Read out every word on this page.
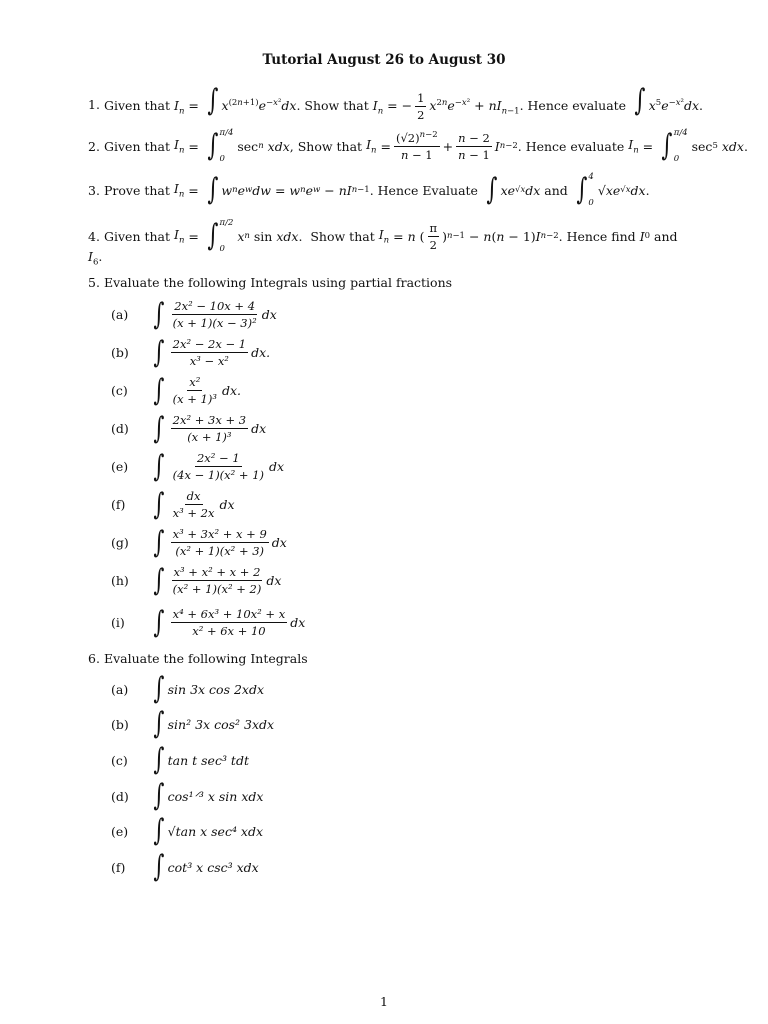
Tutorial August 26 to August 30
1. Given that $I_n$ = ∫ $x^{(2n+1)}e^{-x^2}dx$. Show that $I_n$ = − $\frac{1}{2} x^{2n}e^{-x^2} + nI_{n-1}$. Hence evaluate ∫ $x^5e^{-x^2}dx$.
2. Given that
$I_n$ = ∫ π/4
0
sec n
xdx , Show that
$I_n = \frac{(√2)^{n-2}}{n - 1} + \frac{n - 2}{n - 1}$ I n−2 . Hence evaluate
$I_n$ = ∫ π/4
0
sec 5
xdx .
3. Prove that
$I_n$ = ∫ w n e w dw = w n e w − nI n−1 . Hence Evaluate
∫ xe √x dx
and
∫ 4
0
√ x e √x dx .
4. Given that
$I_n$ = ∫ π/2
0
x n sin xdx . Show that
$I_n = n$ ( $\frac{\pi}{2}$ ) n−1 − n ( n − 1) I n−2 . Hence find
I 0
and
$I_6$.
5. Evaluate the following Integrals using partial fractions
(a) ∫ $\frac{\text{2x² − 10x + 4}}{\text{(x + 1)(x − 3)²}}$ dx
(b) ∫ $\frac{\text{2x² − 2x − 1}}{\text{x³ − x²}}$ dx.
(c) ∫ $\frac{\text{x²}}{\text{(x + 1)³}}$ dx.
(d) ∫ $\frac{\text{2x² + 3x + 3}}{\text{(x + 1)³}}$ dx
(e) ∫ $\frac{\text{2x² − 1}}{\text{(4x − 1)(x² + 1)}}$ dx
(f) ∫ $\frac{dx}{\text{x³ + 2x}}$ dx
(g) ∫ $\frac{\text{x³ + 3x² + x + 9}}{\text{(x² + 1)(x² + 3)}}$ dx
(h) ∫ $\frac{\text{x³ + x² + x + 2}}{\text{(x² + 1)(x² + 2)}}$ dx
(i) ∫ $\frac{\text{x⁴ + 6x³ + 10x² + x}}{\text{x² + 6x + 10}}$ dx
6. Evaluate the following Integrals
(a) ∫ sin 3x cos 2xdx
(b) ∫ sin² 3x cos² 3xdx
(c) ∫ tan t sec³ tdt
(d) ∫ cos¹ᐟ³ x sin xdx
(e) ∫ √tan x sec⁴ xdx
(f) ∫ cot³ x csc³ xdx
1
